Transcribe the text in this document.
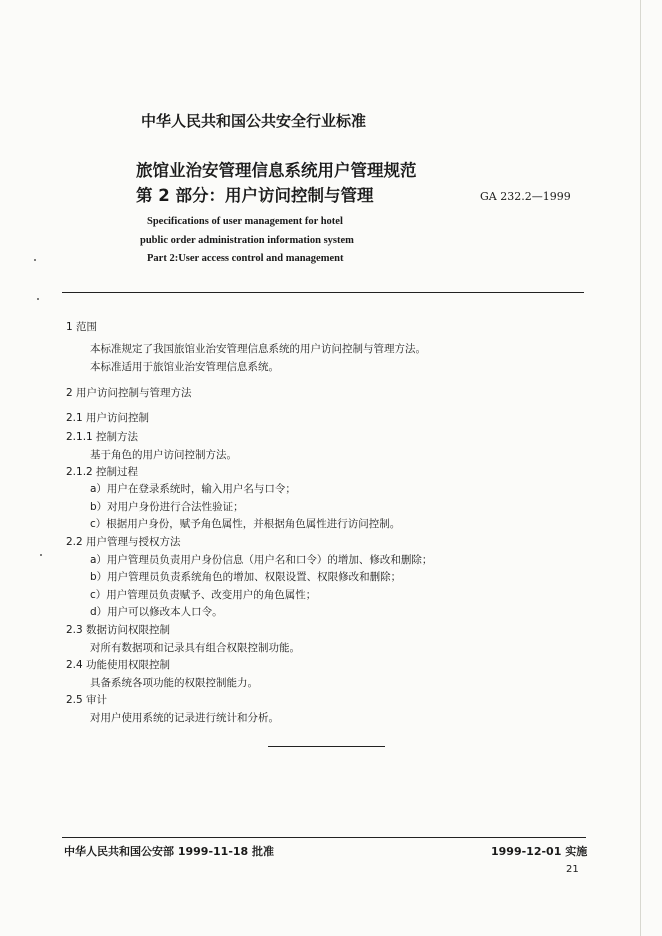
中华人民共和国公共安全行业标准
旅馆业治安管理信息系统用户管理规范
第 2 部分：用户访问控制与管理	GA 232.2—1999
Specifications of user management for hotel
public order administration information system
Part 2:User access control and management
1 范围
本标准规定了我国旅馆业治安管理信息系统的用户访问控制与管理方法。
本标准适用于旅馆业治安管理信息系统。
2 用户访问控制与管理方法
2.1 用户访问控制
2.1.1 控制方法
基于角色的用户访问控制方法。
2.1.2 控制过程
a）用户在登录系统时，输入用户名与口令；
b）对用户身份进行合法性验证；
c）根据用户身份，赋予角色属性，并根据角色属性进行访问控制。
2.2 用户管理与授权方法
a）用户管理员负责用户身份信息（用户名和口令）的增加、修改和删除；
b）用户管理员负责系统角色的增加、权限设置、权限修改和删除；
c）用户管理员负责赋予、改变用户的角色属性；
d）用户可以修改本人口令。
2.3 数据访问权限控制
对所有数据项和记录具有组合权限控制功能。
2.4 功能使用权限控制
具备系统各项功能的权限控制能力。
2.5 审计
对用户使用系统的记录进行统计和分析。
中华人民共和国公安部 1999-11-18 批准	1999-12-01 实施
21
